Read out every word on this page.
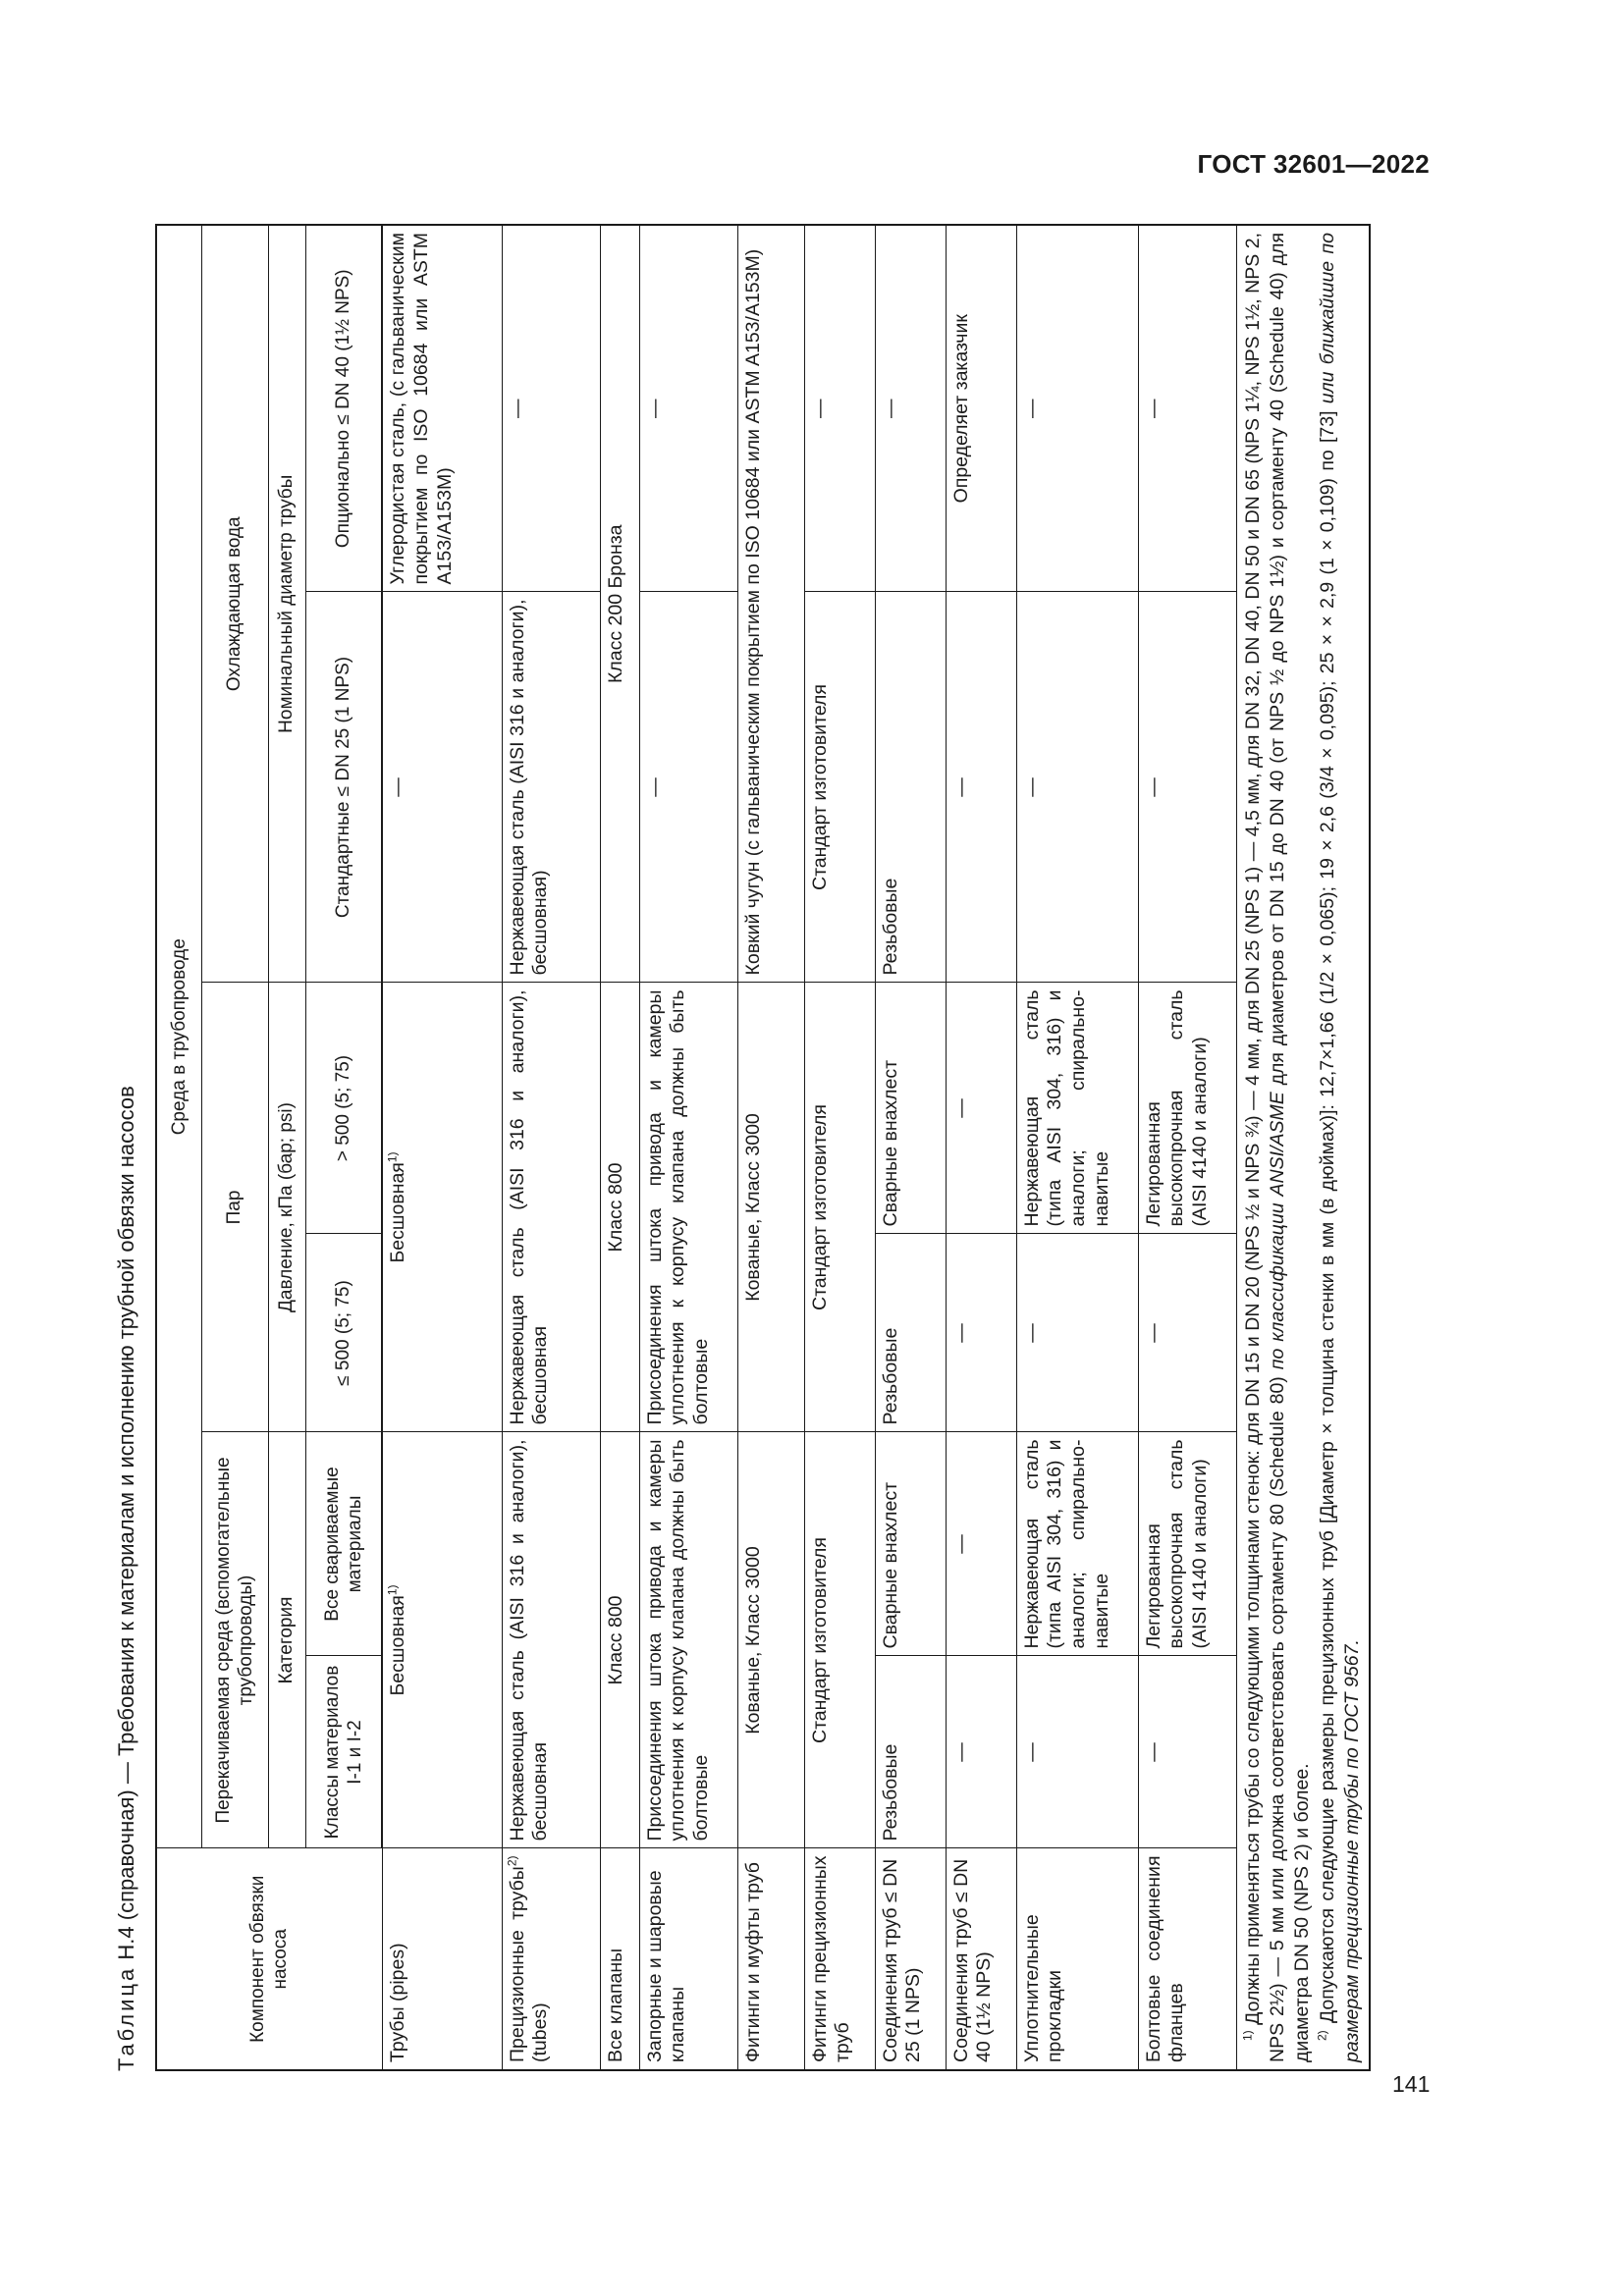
ГОСТ 32601—2022
Таблица Н.4 (справочная) — Требования к материалам и исполнению трубной обвязки насосов	Компонент обвязки насоса	Среда в трубопроводе					
	Перекачиваемая среда (вспомогательные трубопроводы)		Пар		Охлаждающая вода	
	Категория		Давление, кПа (бар; psi)		Номинальный диаметр трубы	
	Классы материалов I-1 и I-2	Все свариваемые материалы	≤ 500 (5; 75)	> 500 (5; 75)	Стандартные ≤ DN 25 (1 NPS)	Опционально ≤ DN 40 (1½ NPS)
Трубы (pipes)	Бесшовная$^{1)}$		Бесшовная$^{1)}$		—	Углеродистая сталь, (с гальваническим покрытием по ISO 10684 или ASTM A153/A153M)
Прецизионные трубы$^{2)}$ (tubes)	Нержавеющая сталь (AISI 316 и аналоги), бесшовная		Нержавеющая сталь (AISI 316 и аналоги), бесшовная		Нержавеющая сталь (AISI 316 и аналоги), бесшовная)	—
Все клапаны	Класс 800		Класс 800		Класс 200 Бронза	
Запорные и шаровые клапаны	Присоединения штока привода и камеры уплотнения к корпусу клапана должны быть болтовые		Присоединения штока привода и камеры уплотнения к корпусу клапана должны быть болтовые		—	—
Фитинги и муфты труб	Кованые, Класс 3000		Кованые, Класс 3000		Ковкий чугун (с гальваническим покрытием по ISO 10684 или ASTM A153/A153M)	
Фитинги прецизионных труб	Стандарт изготовителя		Стандарт изготовителя		Стандарт изготовителя	—
Соединения труб ≤ DN 25 (1 NPS)	Резьбовые	Сварные внахлест	Резьбовые	Сварные внахлест	Резьбовые	—
Соединения труб ≤ DN 40 (1½ NPS)	—	—	—	—	—	Определяет заказчик
Уплотнительные прокладки	—	Нержавеющая сталь (типа AISI 304, 316) и аналоги; спирально-навитые	—	Нержавеющая сталь (типа AISI 304, 316) и аналоги; спирально-навитые	—	—
Болтовые соединения фланцев	—	Легированная высокопрочная сталь (AISI 4140 и аналоги)	—	Легированная высокопрочная сталь (AISI 4140 и аналоги)	—	—

$^{1)}$ Должны применяться трубы со следующими толщинами стенок: для DN 15 и DN 20 (NPS ½ и NPS ¾) — 4 мм, для DN 25 (NPS 1) — 4,5 мм, для DN 32, DN 40, DN 50 и DN 65 (NPS 1¼, NPS 1½, NPS 2, NPS 2½) — 5 мм или должна соответствовать сортаменту 80 (Schedule 80) по классификации ANSI/ASME для диаметров от DN 15 до DN 40 (от NPS ½ до NPS 1½) и сортаменту 40 (Schedule 40) для диаметра DN 50 (NPS 2) и более. $^{2)}$ Допускаются следующие размеры прецизионных труб [Диаметр × толщина стенки в мм (в дюймах)]: 12,7×1,66 (1/2 × 0,065); 19 × 2,6 (3/4 × 0,095); 25 × × 2,9 (1 × 0,109) по [73] или ближайшие по размерам прецизионные трубы по ГОСТ 9567.						

141
